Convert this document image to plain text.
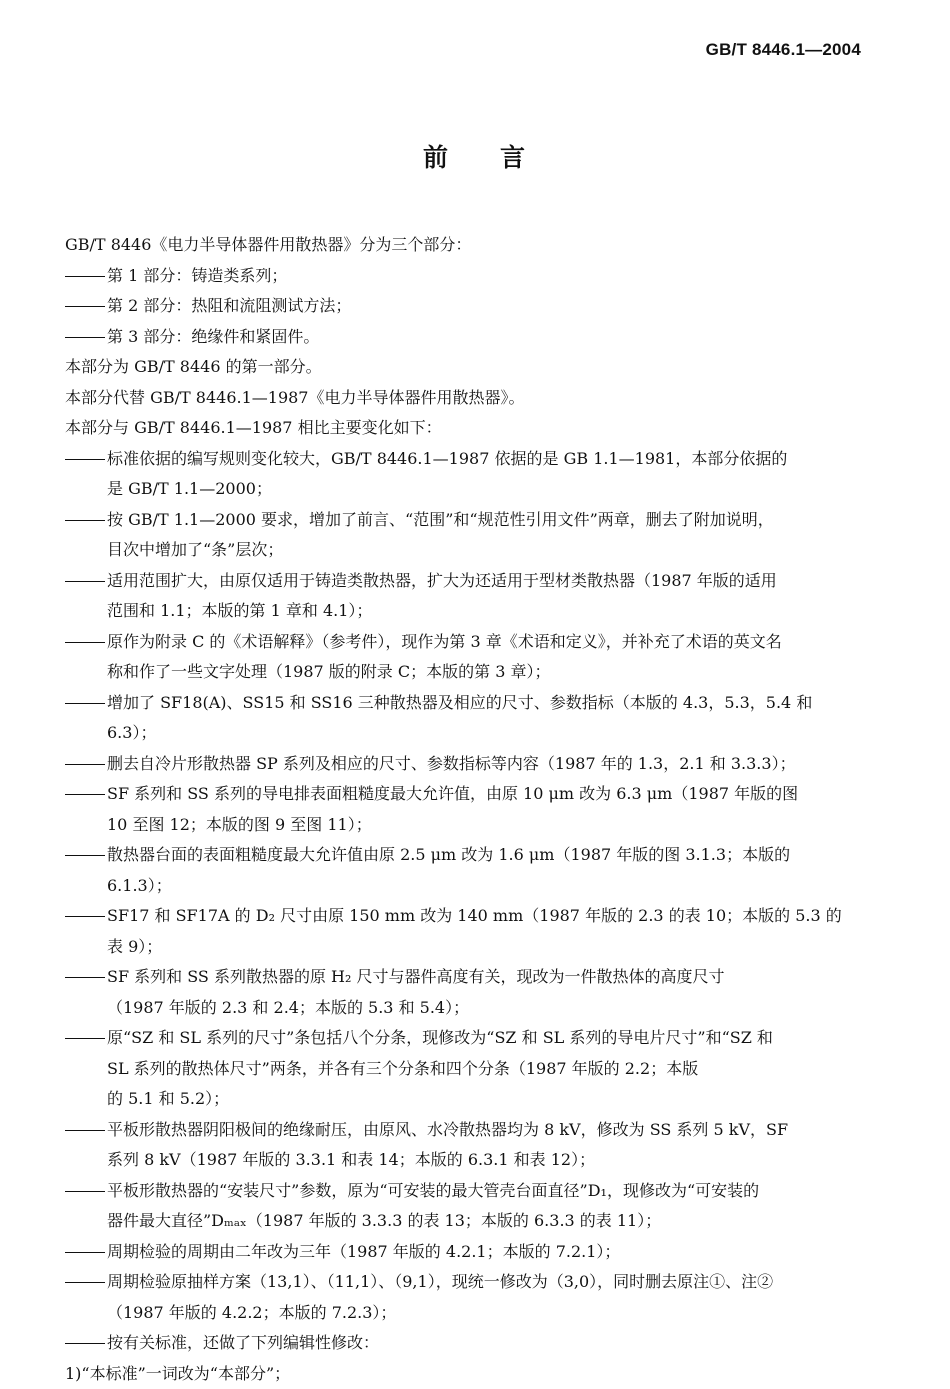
GB/T 8446.1—2004

前 言

GB/T 8446《电力半导体器件用散热器》分为三个部分：

第 1 部分：铸造类系列；

第 2 部分：热阻和流阻测试方法；

第 3 部分：绝缘件和紧固件。

本部分为 GB/T 8446 的第一部分。

本部分代替 GB/T 8446.1—1987《电力半导体器件用散热器》。

本部分与 GB/T 8446.1—1987 相比主要变化如下：

标准依据的编写规则变化较大，GB/T 8446.1—1987 依据的是 GB 1.1—1981，本部分依据的

是 GB/T 1.1—2000；

按 GB/T 1.1—2000 要求，增加了前言、“范围”和“规范性引用文件”两章，删去了附加说明，

目次中增加了“条”层次；

适用范围扩大，由原仅适用于铸造类散热器，扩大为还适用于型材类散热器（1987 年版的适用

范围和 1.1；本版的第 1 章和 4.1）；

原作为附录 C 的《术语解释》（参考件），现作为第 3 章《术语和定义》，并补充了术语的英文名

称和作了一些文字处理（1987 版的附录 C；本版的第 3 章）；

增加了 SF18(A)、SS15 和 SS16 三种散热器及相应的尺寸、参数指标（本版的 4.3，5.3，5.4 和

6.3）；

删去自冷片形散热器 SP 系列及相应的尺寸、参数指标等内容（1987 年的 1.3，2.1 和 3.3.3）；

SF 系列和 SS 系列的导电排表面粗糙度最大允许值，由原 10 μm 改为 6.3 μm（1987 年版的图

10 至图 12；本版的图 9 至图 11）；

散热器台面的表面粗糙度最大允许值由原 2.5 μm 改为 1.6 μm（1987 年版的图 3.1.3；本版的

6.1.3）；

SF17 和 SF17A 的 D₂ 尺寸由原 150 mm 改为 140 mm（1987 年版的 2.3 的表 10；本版的 5.3 的

表 9）；

SF 系列和 SS 系列散热器的原 H₂ 尺寸与器件高度有关，现改为一件散热体的高度尺寸

（1987 年版的 2.3 和 2.4；本版的 5.3 和 5.4）；

原“SZ 和 SL 系列的尺寸”条包括八个分条，现修改为“SZ 和 SL 系列的导电片尺寸”和“SZ 和

SL 系列的散热体尺寸”两条，并各有三个分条和四个分条（1987 年版的 2.2；本版

的 5.1 和 5.2）；

平板形散热器阴阳极间的绝缘耐压，由原风、水冷散热器均为 8 kV，修改为 SS 系列 5 kV，SF

系列 8 kV（1987 年版的 3.3.1 和表 14；本版的 6.3.1 和表 12）；

平板形散热器的“安装尺寸”参数，原为“可安装的最大管壳台面直径”D₁，现修改为“可安装的

器件最大直径”Dₘₐₓ（1987 年版的 3.3.3 的表 13；本版的 6.3.3 的表 11）；

周期检验的周期由二年改为三年（1987 年版的 4.2.1；本版的 7.2.1）；

周期检验原抽样方案（13,1）、（11,1）、（9,1），现统一修改为（3,0），同时删去原注①、注②

（1987 年版的 4.2.2；本版的 7.2.3）；

按有关标准，还做了下列编辑性修改：

1)“本标准”一词改为“本部分”；
